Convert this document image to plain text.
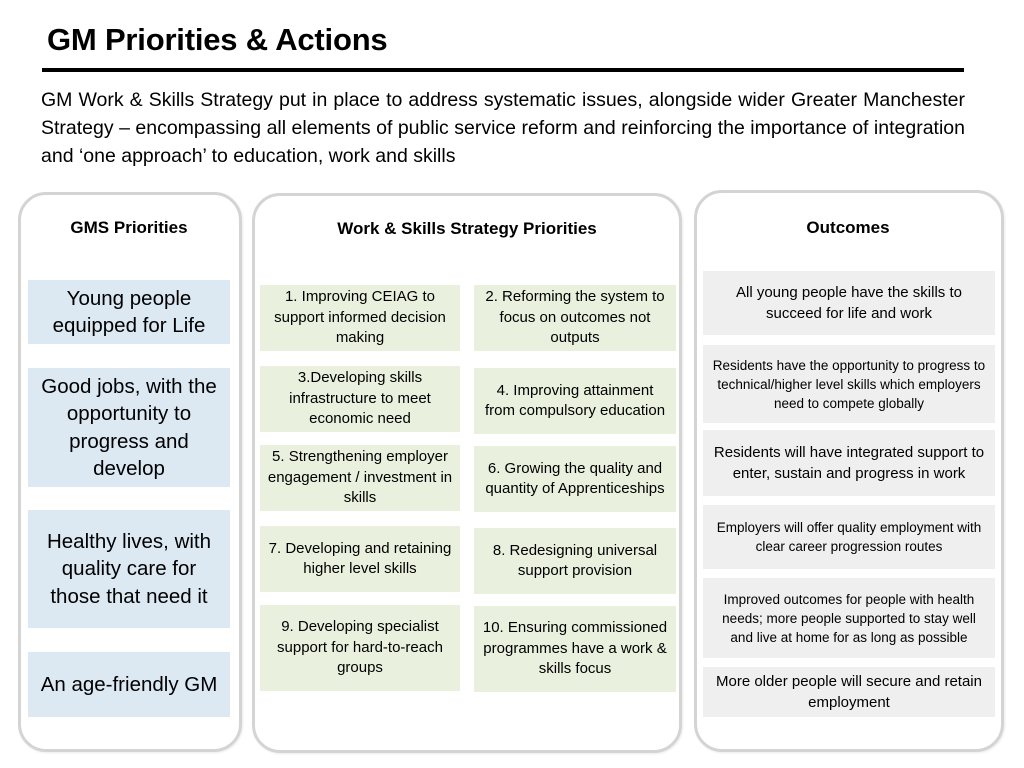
GM Priorities & Actions
GM Work & Skills Strategy put in place to address systematic issues, alongside wider Greater Manchester Strategy – encompassing all elements of public service reform and reinforcing the importance of integration and ‘one approach’ to education, work and skills
GMS Priorities
Young people equipped for Life
Good jobs, with the opportunity to progress and develop
Healthy lives, with quality care for those that need it
An age-friendly GM
Work & Skills Strategy Priorities
1. Improving CEIAG to support informed decision making
2. Reforming the system to focus on outcomes not outputs
3.Developing skills infrastructure to meet economic need
4. Improving attainment from compulsory education
5. Strengthening employer engagement / investment in skills
6. Growing the quality and quantity of Apprenticeships
7. Developing and retaining higher level skills
8. Redesigning universal support provision
9. Developing specialist support for hard-to-reach groups
10. Ensuring commissioned programmes have a work & skills focus
Outcomes
All young people have the skills to succeed for life and work
Residents have the opportunity to progress to technical/higher level skills which employers need to compete globally
Residents will have integrated support to enter, sustain and progress in work
Employers will offer quality employment with clear career progression routes
Improved outcomes for people with health needs; more people supported to stay well and live at home for as long as possible
More older people will secure and retain employment
